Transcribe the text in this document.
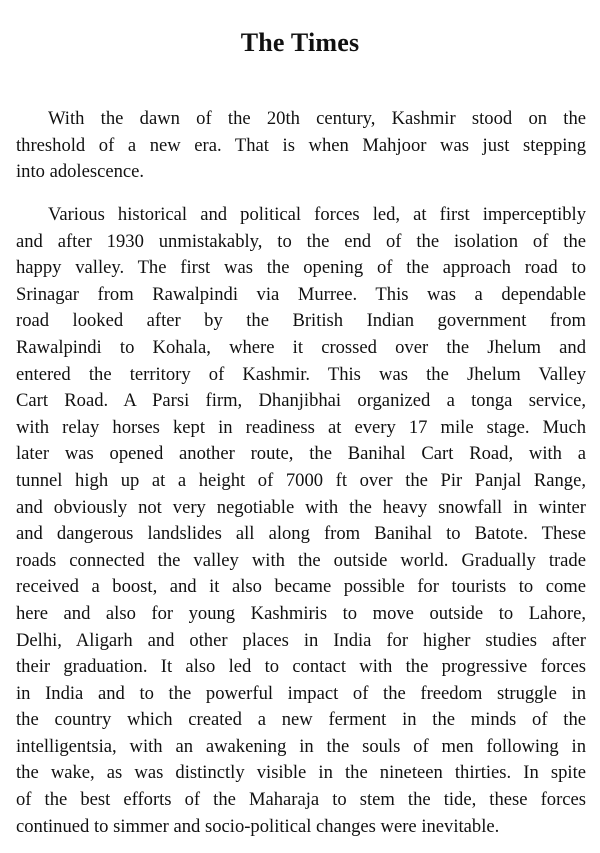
The Times

With the dawn of the 20th century, Kashmir stood on the
threshold of a new era. That is when Mahjoor was just stepping
into adolescence.

Various historical and political forces led, at first imperceptibly
and after 1930 unmistakably, to the end of the isolation of the
happy valley. The first was the opening of the approach road to
Srinagar from Rawalpindi via Murree. This was a dependable
road looked after by the British Indian government from
Rawalpindi to Kohala, where it crossed over the Jhelum and
entered the territory of Kashmir. This was the Jhelum Valley
Cart Road. A Parsi firm, Dhanjibhai organized a tonga service,
with relay horses kept in readiness at every 17 mile stage. Much
later was opened another route, the Banihal Cart Road, with a
tunnel high up at a height of 7000 ft over the Pir Panjal Range,
and obviously not very negotiable with the heavy snowfall in winter
and dangerous landslides all along from Banihal to Batote. These
roads connected the valley with the outside world. Gradually trade
received a boost, and it also became possible for tourists to come
here and also for young Kashmiris to move outside to Lahore,
Delhi, Aligarh and other places in India for higher studies after
their graduation. It also led to contact with the progressive forces
in India and to the powerful impact of the freedom struggle in
the country which created a new ferment in the minds of the
intelligentsia, with an awakening in the souls of men following in
the wake, as was distinctly visible in the nineteen thirties. In spite
of the best efforts of the Maharaja to stem the tide, these forces
continued to simmer and socio-political changes were inevitable.
